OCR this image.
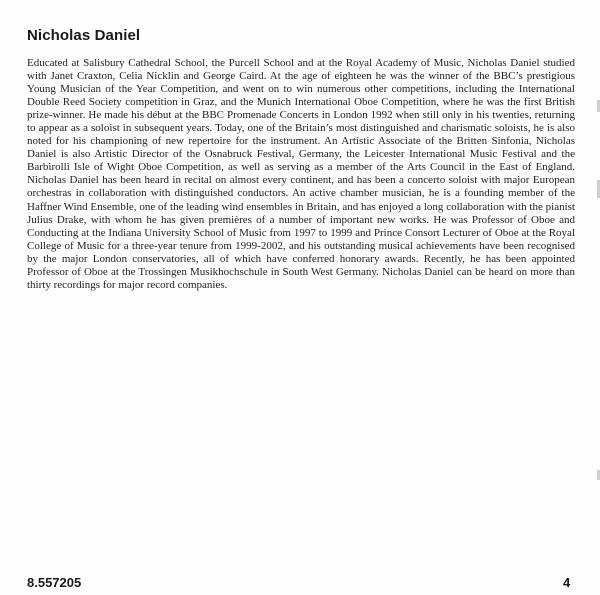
Nicholas Daniel

Educated at Salisbury Cathedral School, the Purcell School and at the Royal Academy of Music, Nicholas Daniel studied with Janet Craxton, Celia Nicklin and George Caird. At the age of eighteen he was the winner of the BBC’s prestigious Young Musician of the Year Competition, and went on to win numerous other competitions, including the International Double Reed Society competition in Graz, and the Munich International Oboe Competition, where he was the first British prize-winner. He made his début at the BBC Promenade Concerts in London 1992 when still only in his twenties, returning to appear as a soloist in subsequent years. Today, one of the Britain’s most distinguished and charismatic soloists, he is also noted for his championing of new repertoire for the instrument. An Artistic Associate of the Britten Sinfonia, Nicholas Daniel is also Artistic Director of the Osnabruck Festival, Germany, the Leicester International Music Festival and the Barbirolli Isle of Wight Oboe Competition, as well as serving as a member of the Arts Council in the East of England. Nicholas Daniel has been heard in recital on almost every continent, and has been a concerto soloist with major European orchestras in collaboration with distinguished conductors. An active chamber musician, he is a founding member of the Haffner Wind Ensemble, one of the leading wind ensembles in Britain, and has enjoyed a long collaboration with the pianist Julius Drake, with whom he has given premières of a number of important new works. He was Professor of Oboe and Conducting at the Indiana University School of Music from 1997 to 1999 and Prince Consort Lecturer of Oboe at the Royal College of Music for a three-year tenure from 1999-2002, and his outstanding musical achievements have been recognised by the major London conservatories, all of which have conferred honorary awards. Recently, he has been appointed Professor of Oboe at the Trossingen Musikhochschule in South West Germany. Nicholas Daniel can be heard on more than thirty recordings for major record companies.

8.557205	4
